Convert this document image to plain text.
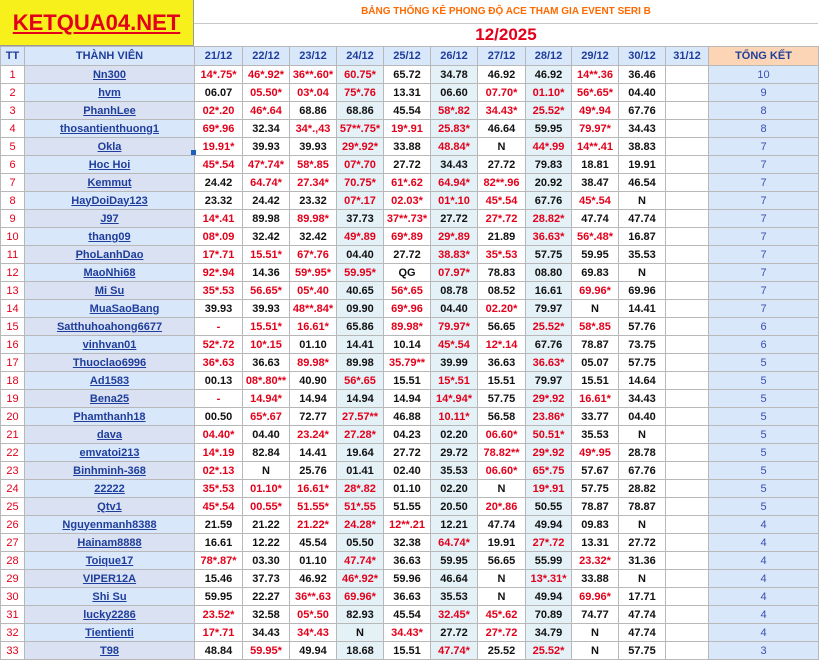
KETQUA04.NET	BẢNG THỐNG KÊ PHONG ĐỘ ACE THAM GIA EVENT SERI B
12/2025
TT	THÀNH VIÊN	21/12	22/12	23/12	24/12	25/12	26/12	27/12	28/12	29/12	30/12	31/12	TỔNG KẾT
1	Nn300	14*.75*	46*.92*	36**.60*	60.75*	65.72	34.78	46.92	46.92	14**.36	36.46		10
2	hvm	06.07	05.50*	03*.04	75*.76	13.31	06.60	07.70*	01.10*	56*.65*	04.40		9
3	PhanhLee	02*.20	46*.64	68.86	68.86	45.54	58*.82	34.43*	25.52*	49*.94	67.76		8
4	thosantienthuong1	69*.96	32.34	34*.,43	57**.75*	19*.91	25.83*	46.64	59.95	79.97*	34.43		8
5	Okla	19.91*	39.93	39.93	29*.92*	33.88	48.84*	N	44*.99	14**.41	38.83		7
6	Hoc Hoi	45*.54	47*.74*	58*.85	07*.70	27.72	34.43	27.72	79.83	18.81	19.91		7
7	Kemmut	24.42	64.74*	27.34*	70.75*	61*.62	64.94*	82**.96	20.92	38.47	46.54		7
8	HayDoiDay123	23.32	24.42	23.32	07*.17	02.03*	01*.10	45*.54	67.76	45*.54	N		7
9	J97	14*.41	89.98	89.98*	37.73	37**.73*	27.72	27*.72	28.82*	47.74	47.74		7
10	thang09	08*.09	32.42	32.42	49*.89	69*.89	29*.89	21.89	36.63*	56*.48*	16.87		7
11	PhoLanhDao	17*.71	15.51*	67*.76	04.40	27.72	38.83*	35*.53	57.75	59.95	35.53		7
12	MaoNhi68	92*.94	14.36	59*.95*	59.95*	QG	07.97*	78.83	08.80	69.83	N		7
13	Mi Su	35*.53	56.65*	05*.40	40.65	56*.65	08.78	08.52	16.61	69.96*	69.96		7
14	MuaSaoBang	39.93	39.93	48**.84*	09.90	69*.96	04.40	02.20*	79.97	N	14.41		7
15	Satthuhoahong6677	-	15.51*	16.61*	65.86	89.98*	79.97*	56.65	25.52*	58*.85	57.76		6
16	vinhvan01	52*.72	10*.15	01.10	14.41	10.14	45*.54	12*.14	67.76	78.87	73.75		6
17	Thuoclao6996	36*.63	36.63	89.98*	89.98	35.79**	39.99	36.63	36.63*	05.07	57.75		5
18	Ad1583	00.13	08*.80**	40.90	56*.65	15.51	15*.51	15.51	79.97	15.51	14.64		5
19	Bena25	-	14.94*	14.94	14.94	14.94	14*.94*	57.75	29*.92	16.61*	34.43		5
20	Phamthanh18	00.50	65*.67	72.77	27.57**	46.88	10.11*	56.58	23.86*	33.77	04.40		5
21	dava	04.40*	04.40	23.24*	27.28*	04.23	02.20	06.60*	50.51*	35.53	N		5
22	emvatoi213	14*.19	82.84	14.41	19.64	27.72	29.72	78.82**	29*.92	49*.95	28.78		5
23	Binhminh-368	02*.13	N	25.76	01.41	02.40	35.53	06.60*	65*.75	57.67	67.76		5
24	22222	35*.53	01.10*	16.61*	28*.82	01.10	02.20	N	19*.91	57.75	28.82		5
25	Qtv1	45*.54	00.55*	51.55*	51*.55	51.55	20.50	20*.86	50.55	78.87	78.87		5
26	Nguyenmanh8388	21.59	21.22	21.22*	24.28*	12**.21	12.21	47.74	49.94	09.83	N		4
27	Hainam8888	16.61	12.22	45.54	05.50	32.38	64.74*	19.91	27*.72	13.31	27.72		4
28	Toique17	78*.87*	03.30	01.10	47.74*	36.63	59.95	56.65	55.99	23.32*	31.36		4
29	VIPER12A	15.46	37.73	46.92	46*.92*	59.96	46.64	N	13*.31*	33.88	N		4
30	Shi Su	59.95	22.27	36**.63	69.96*	36.63	35.53	N	49.94	69.96*	17.71		4
31	lucky2286	23.52*	32.58	05*.50	82.93	45.54	32.45*	45*.62	70.89	74.77	47.74		4
32	Tientienti	17*.71	34.43	34*.43	N	34.43*	27.72	27*.72	34.79	N	47.74		4
33	T98	48.84	59.95*	49.94	18.68	15.51	47.74*	25.52	25.52*	N	57.75		3
